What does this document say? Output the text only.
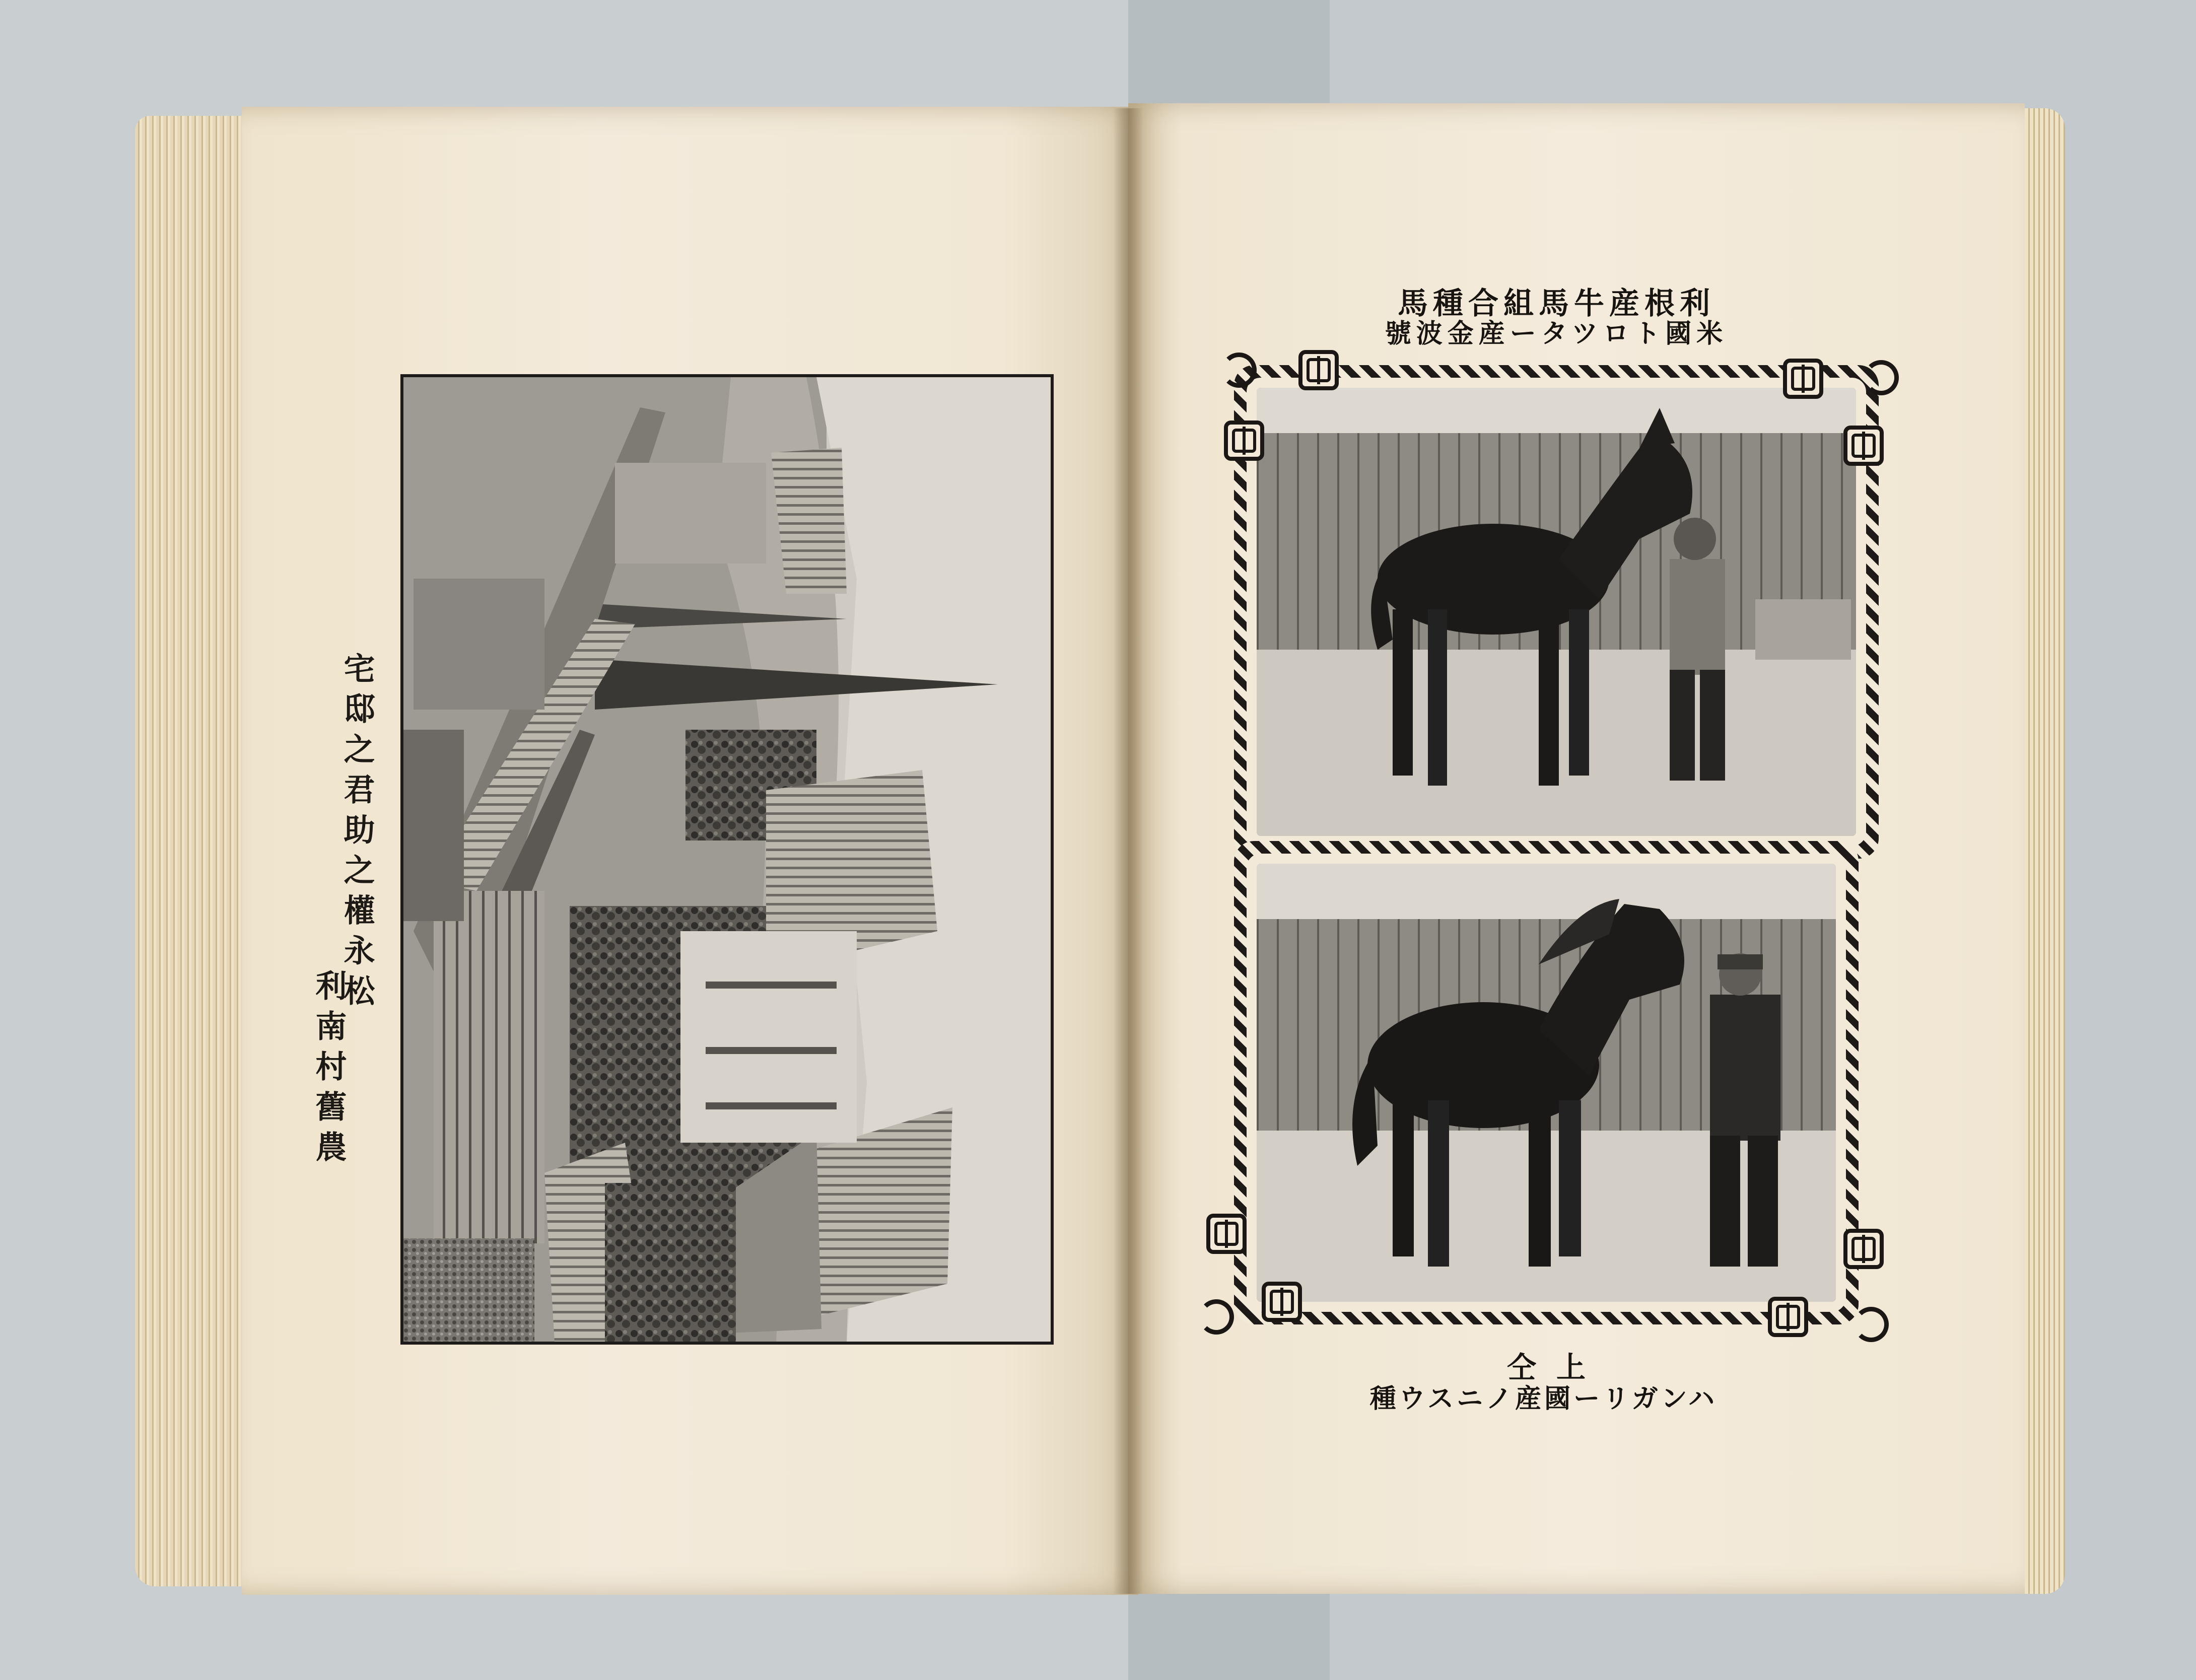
宅邸之君助之權永松
利南村舊農
利根産牛馬組合種馬
米國トロツター産金波號
仝上
ハンガリー國産ノニスウ種
